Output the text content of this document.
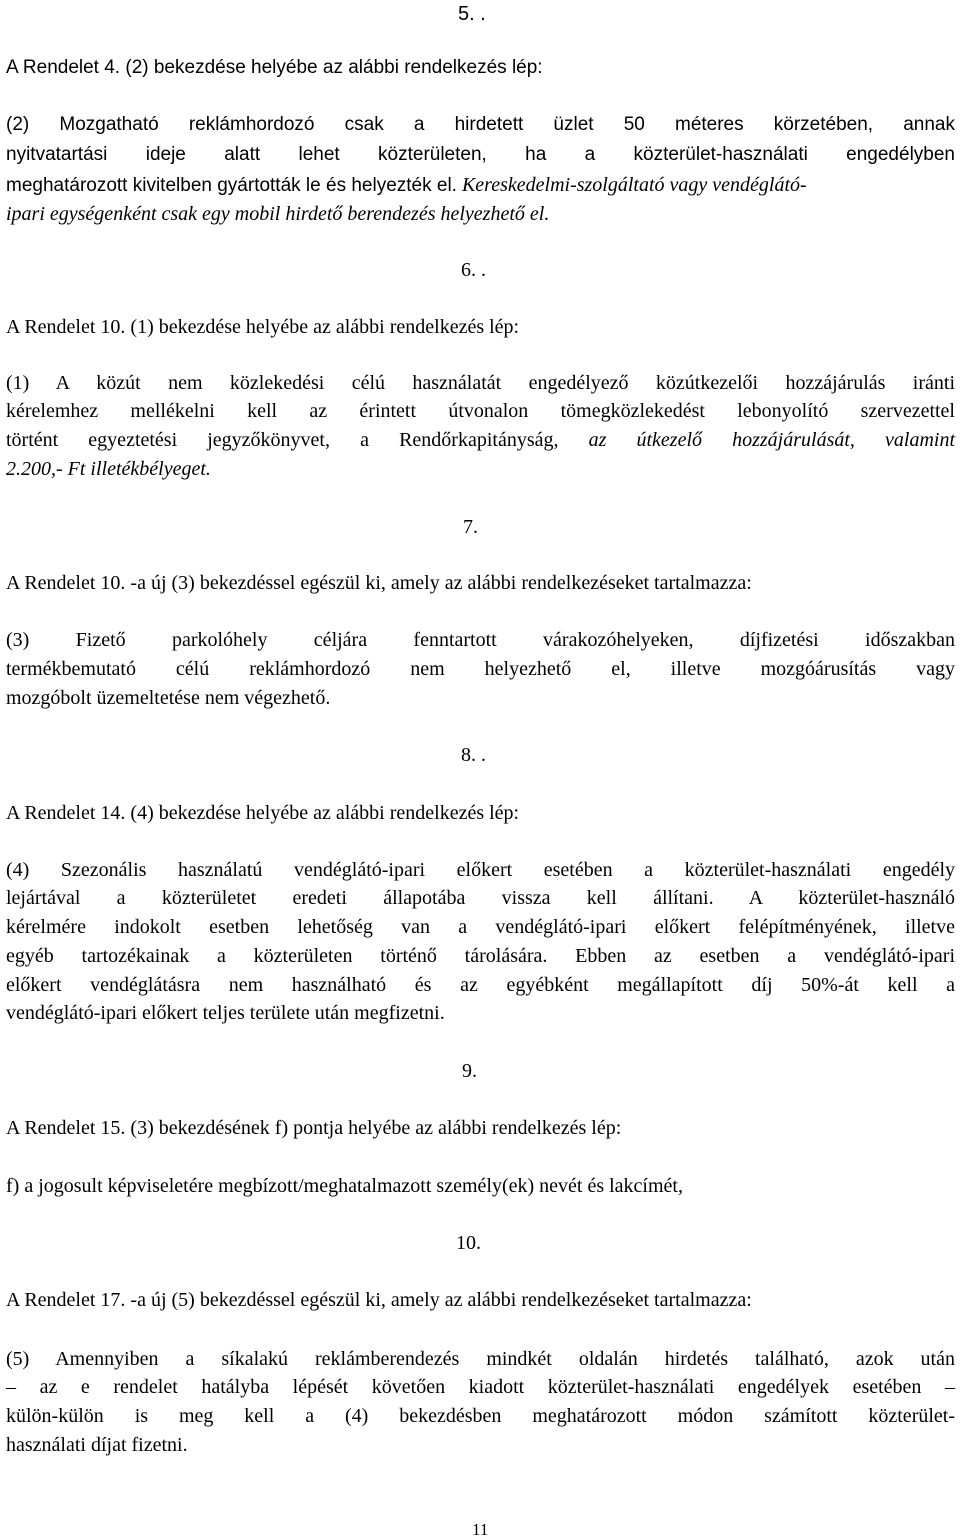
5. .
A Rendelet 4. (2) bekezdése helyébe az alábbi rendelkezés lép:
(2) Mozgatható reklámhordozó csak a hirdetett üzlet 50 méteres körzetében, annak
nyitvatartási ideje alatt lehet közterületen, ha a közterület-használati engedélyben
meghatározott kivitelben gyártották le és helyezték el. Kereskedelmi-szolgáltató vagy vendéglátó-
ipari egységenként csak egy mobil hirdető berendezés helyezhető el.
6. .
A Rendelet 10. (1) bekezdése helyébe az alábbi rendelkezés lép:
(1) A közút nem közlekedési célú használatát engedélyező közútkezelői hozzájárulás iránti
kérelemhez mellékelni kell az érintett útvonalon tömegközlekedést lebonyolító szervezettel
történt egyeztetési jegyzőkönyvet, a Rendőrkapitányság, az útkezelő hozzájárulását, valamint
2.200,- Ft illetékbélyeget.
7.
A Rendelet 10. -a új (3) bekezdéssel egészül ki, amely az alábbi rendelkezéseket tartalmazza:
(3) Fizető parkolóhely céljára fenntartott várakozóhelyeken, díjfizetési időszakban
termékbemutató célú reklámhordozó nem helyezhető el, illetve mozgóárusítás vagy
mozgóbolt üzemeltetése nem végezhető.
8. .
A Rendelet 14. (4) bekezdése helyébe az alábbi rendelkezés lép:
(4) Szezonális használatú vendéglátó-ipari előkert esetében a közterület-használati engedély
lejártával a közterületet eredeti állapotába vissza kell állítani. A közterület-használó
kérelmére indokolt esetben lehetőség van a vendéglátó-ipari előkert felépítményének, illetve
egyéb tartozékainak a közterületen történő tárolására. Ebben az esetben a vendéglátó-ipari
előkert vendéglátásra nem használható és az egyébként megállapított díj 50%-át kell a
vendéglátó-ipari előkert teljes területe után megfizetni.
9.
A Rendelet 15. (3) bekezdésének f) pontja helyébe az alábbi rendelkezés lép:
f) a jogosult képviseletére megbízott/meghatalmazott személy(ek) nevét és lakcímét,
10.
A Rendelet 17. -a új (5) bekezdéssel egészül ki, amely az alábbi rendelkezéseket tartalmazza:
(5) Amennyiben a síkalakú reklámberendezés mindkét oldalán hirdetés található, azok után
– az e rendelet hatályba lépését követően kiadott közterület-használati engedélyek esetében –
külön-külön is meg kell a (4) bekezdésben meghatározott módon számított közterület-
használati díjat fizetni.
11
